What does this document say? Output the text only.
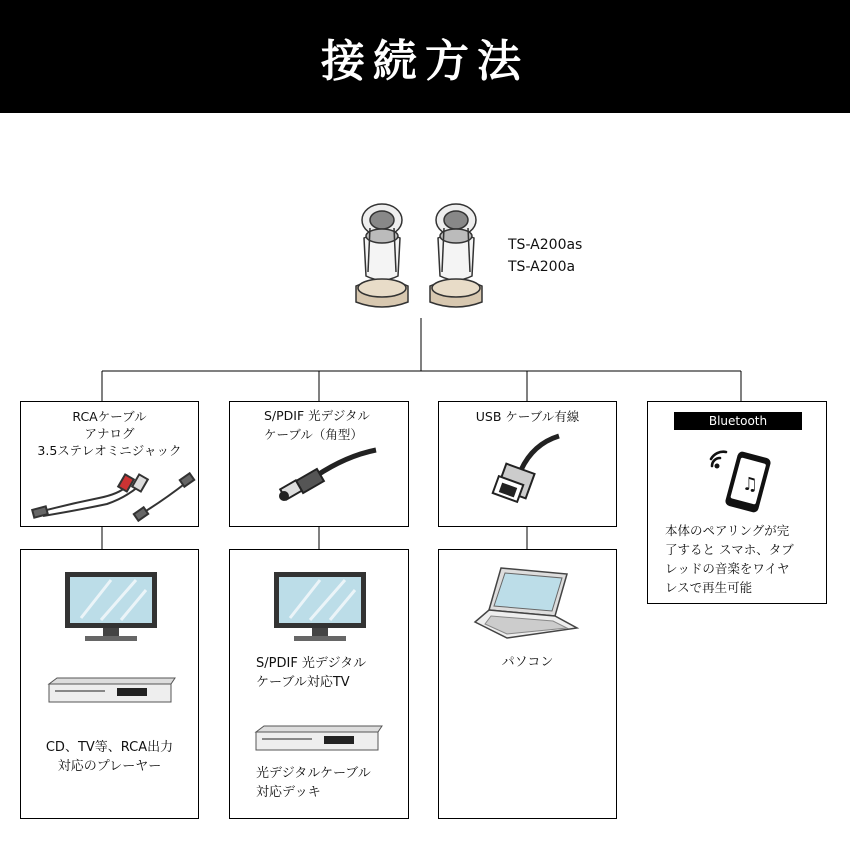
接続方法
TS-A200as
TS-A200a
RCAケーブル
アナログ
3.5ステレオミニジャック
S/PDIF 光デジタル
ケーブル（角型）
USB ケーブル有線	Bluetooth
♫
本体のペアリングが完
了すると スマホ、タブ
レッドの音楽をワイヤ
レスで再生可能
CD、TV等、RCA出力
対応のプレーヤー
S/PDIF 光デジタル
ケーブル対応TV
光デジタルケーブル
対応デッキ
パソコン
